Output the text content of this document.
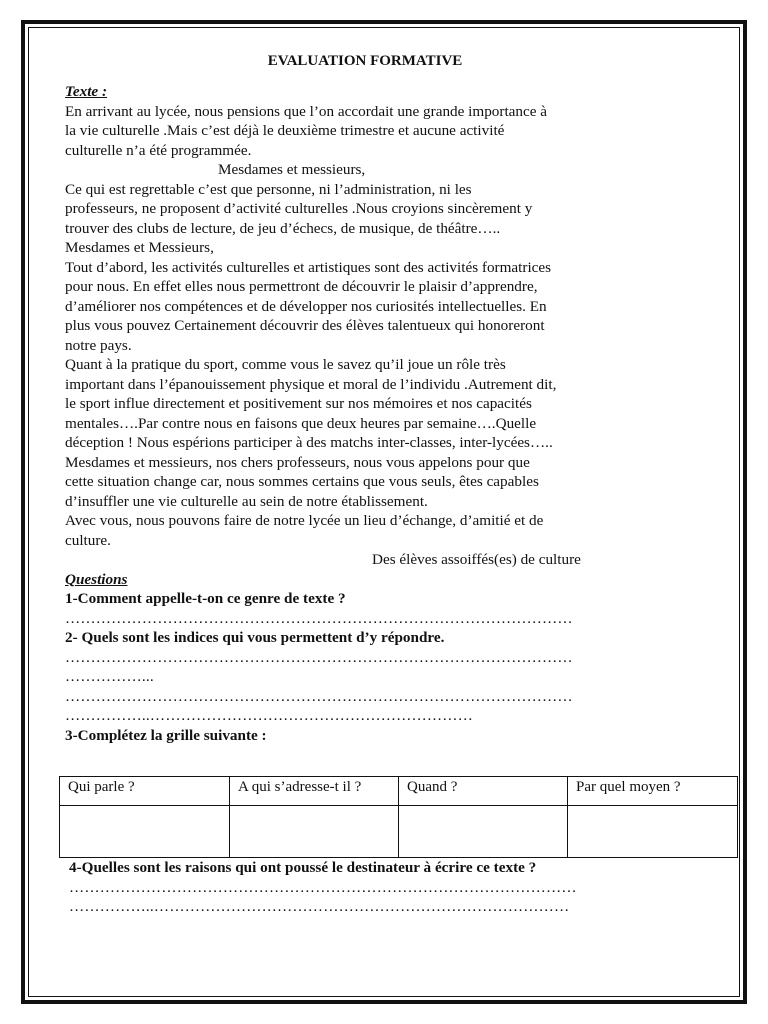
EVALUATION FORMATIVE

Texte :

En arrivant au lycée, nous pensions que l’on accordait une grande importance à

la vie culturelle .Mais c’est déjà le deuxième trimestre et aucune activité

culturelle n’a été programmée.

Mesdames et messieurs,

Ce qui est regrettable c’est que personne, ni l’administration, ni les

professeurs, ne proposent d’activité culturelles .Nous croyions sincèrement y

trouver des clubs de lecture, de jeu d’échecs, de musique, de théâtre…..

Mesdames et Messieurs,

Tout d’abord, les activités culturelles et artistiques sont des activités formatrices

pour nous. En effet elles nous permettront de découvrir le plaisir d’apprendre,

d’améliorer nos compétences et de développer nos curiosités intellectuelles. En

plus vous pouvez Certainement découvrir des élèves talentueux qui honoreront

notre pays.

Quant à la pratique du sport, comme vous le savez qu’il joue un rôle très

important dans l’épanouissement physique et moral de l’individu .Autrement dit,

le sport influe directement et positivement sur nos mémoires et nos capacités

mentales….Par contre nous en faisons que deux heures par semaine….Quelle

déception ! Nous espérions participer à des matchs inter-classes, inter-lycées…..

Mesdames et messieurs, nos chers professeurs, nous vous appelons pour que

cette situation change car, nous sommes certains que vous seuls, êtes capables

d’insuffler une vie culturelle au sein de notre établissement.

Avec vous, nous pouvons faire de notre lycée un lieu d’échange, d’amitié et de

culture.

Des élèves assoiffés(es) de culture

Questions

1-Comment appelle-t-on ce genre de texte ?

………………………………………………………………………………………

2- Quels sont les indices qui vous permettent d’y répondre.

………………………………………………………………………………………

……………...

………………………………………………………………………………………

……………..………………………………………………………

3-Complétez la grille suivante :

Qui parle ?	A qui s’adresse-t il ?	Quand ?	Par quel moyen ?

4-Quelles sont les raisons qui ont poussé le destinateur à écrire ce texte ?

………………………………………………………………………………………

……………..………………………………………………………………………
